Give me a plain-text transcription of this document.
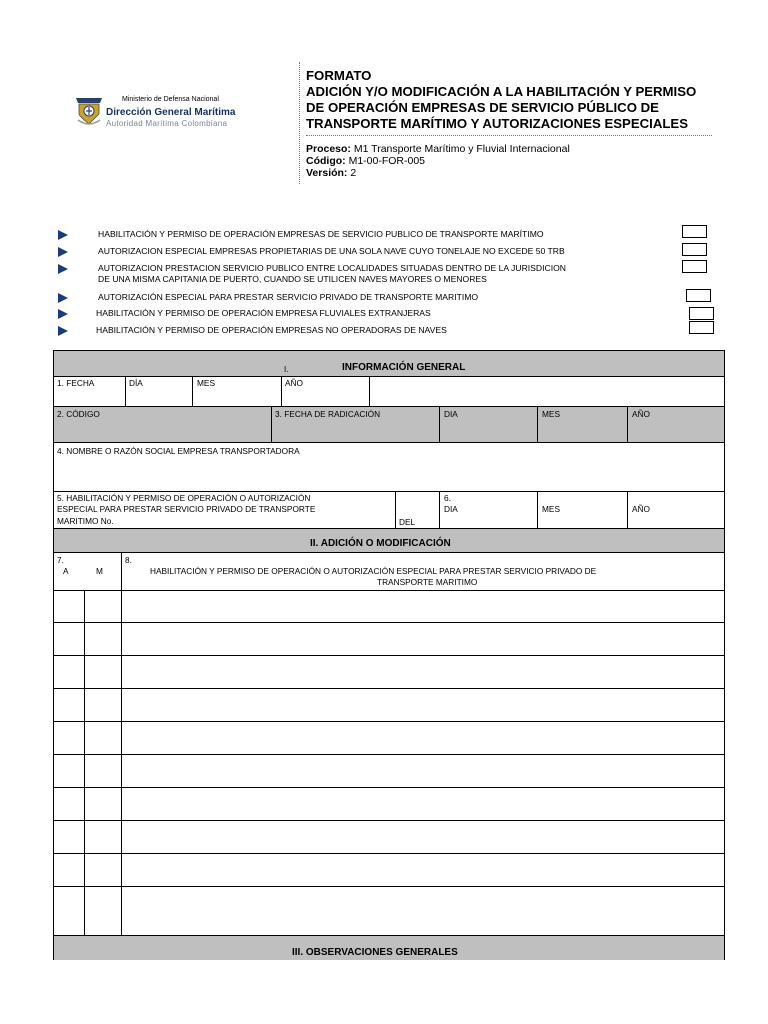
Ministerio de Defensa Nacional
Dirección General Marítima
Autoridad Marítima Colombiana
FORMATO
ADICIÓN Y/O MODIFICACIÓN A LA HABILITACIÓN Y PERMISO
DE OPERACIÓN EMPRESAS DE SERVICIO PÚBLICO DE
TRANSPORTE MARÍTIMO Y AUTORIZACIONES ESPECIALES
Proceso: M1 Transporte Marítimo y Fluvial Internacional
Código: M1-00-FOR-005
Versión: 2
HABILITACIÓN Y PERMISO DE OPERACIÓN EMPRESAS DE SERVICIO PUBLICO DE TRANSPORTE MARÍTIMO
AUTORIZACION ESPECIAL EMPRESAS PROPIETARIAS DE UNA SOLA NAVE CUYO TONELAJE NO EXCEDE 50 TRB
AUTORIZACION PRESTACION SERVICIO PUBLICO ENTRE LOCALIDADES SITUADAS DENTRO DE LA JURISDICION
DE UNA MISMA CAPITANIA DE PUERTO, CUANDO SE UTILICEN NAVES MAYORES O MENORES
AUTORIZACIÓN ESPECIAL PARA PRESTAR SERVICIO PRIVADO DE TRANSPORTE MARITIMO
HABILITACIÓN Y PERMISO DE OPERACIÓN EMPRESA FLUVIALES EXTRANJERAS
HABILITACIÓN Y PERMISO DE OPERACIÓN EMPRESAS NO OPERADORAS DE NAVES
I.	INFORMACIÓN GENERAL
1. FECHA	DÍA	MES	AÑO
2. CÓDIGO	3. FECHA DE RADICACIÓN	DIA	MES	AÑO
4. NOMBRE O RAZÓN SOCIAL EMPRESA TRANSPORTADORA
5. HABILITACIÓN Y PERMISO DE OPERACIÓN O AUTORIZACIÓN
ESPECIAL PARA PRESTAR SERVICIO PRIVADO DE TRANSPORTE
MARITIMO No.	DEL
6.
DIA	MES	AÑO
II. ADICIÓN O MODIFICACIÓN
7.
A	M
8.
HABILITACIÓN Y PERMISO DE OPERACIÓN O AUTORIZACIÓN ESPECIAL PARA PRESTAR SERVICIO PRIVADO DE
TRANSPORTE MARITIMO
III. OBSERVACIONES GENERALES
